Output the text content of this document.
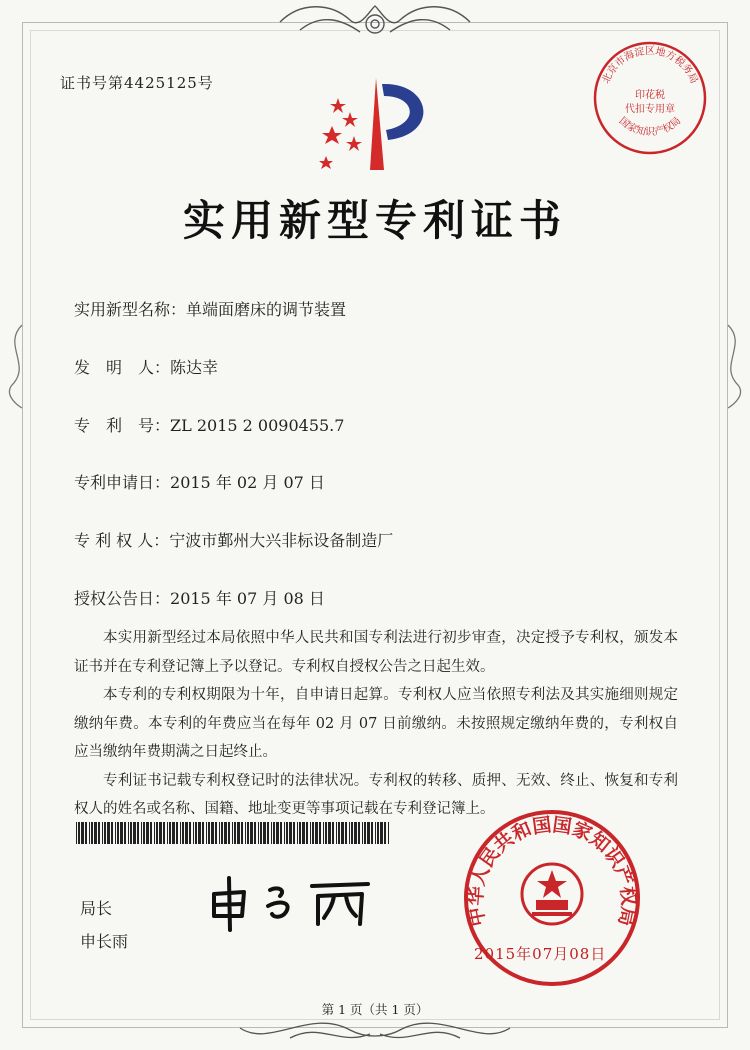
证书号第4425125号	北京市海淀区地方税务局
印花税
代扣专用章
国家知识产权局
实用新型专利证书
实用新型名称：单端面磨床的调节装置
发　明　人：陈达幸
专　利　号：ZL 2015 2 0090455.7
专利申请日：2015 年 02 月 07 日
专 利 权 人：宁波市鄞州大兴非标设备制造厂
授权公告日：2015 年 07 月 08 日

本实用新型经过本局依照中华人民共和国专利法进行初步审查，决定授予专利权，颁发本证书并在专利登记簿上予以登记。专利权自授权公告之日起生效。

本专利的专利权期限为十年，自申请日起算。专利权人应当依照专利法及其实施细则规定缴纳年费。本专利的年费应当在每年 02 月 07 日前缴纳。未按照规定缴纳年费的，专利权自应当缴纳年费期满之日起终止。

专利证书记载专利权登记时的法律状况。专利权的转移、质押、无效、终止、恢复和专利权人的姓名或名称、国籍、地址变更等事项记载在专利登记簿上。

局长
申长雨
中华人民共和国国家知识产权局
2015年07月08日
第 1 页（共 1 页）
